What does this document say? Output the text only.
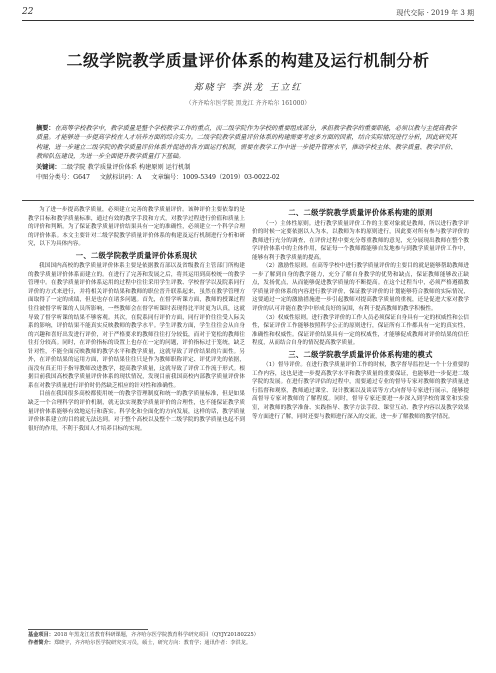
22	现代交际 · 2019 年 3 期
二级学院教学质量评价体系的构建及运行机制分析
郑晓宇 李洪龙 王立红
（齐齐哈尔医学院 黑龙江 齐齐哈尔 161000）
摘要：在高等学校教学中，教学质量是整个学校教学工作的重点，而二级学院作为学校的重要组成部分，承担教学教学的重要职能，必须以教与主提高教学质量。才能够进一步提高学校在人才培养方面的综合实力。二级学院教学质量评价体系的构建需要考虑多方面的因素，结合实际情况进行分析，因此研究其构建，进一步建立二级学院的教学质量评价体系并促进的各方面运行机制，需要在教学工作中进一步提升管理水平，推动学校主体、教学质量、教学评价、教师队伍建设，为进一步全面提升教学质量打下基础。
关键词：二级学院 教学质量评价体系 构建原则 运行机制
中图分类号：G647 文献标识码：A 文章编号：1009-5349（2019）03-0022-02

为了进一步提高教学质量，必须建立完善的教学质量评价。该种评价主要依靠的是教学目标和教学质量标准，通过有效的教学手段和方式，对教学过程进行价值和质量上的评价和判断。为了保证教学质量评价结果具有一定的准确性，必须建立一个科学合理的评价体系。本文主要针对二级学院教学质量评价体系的构建及运行机制进行分析和研究，以下为具体内容。

一、二级学院教学质量评价体系现状

我国国内高校的教学质量评价体系主要是依据教育部以及省级教育主管部门所构建的教学质量评价体系而建立的。在进行了完善和发展之后，将其运用到高校统一的教学管理中。在教学质量评价体系运用的过程中往往采用学生评教、学校督学以及院系同行评价的方式来进行，并将相关评价结果和教师的职位晋升联系起来，虽然在教学管理方面取得了一定的成绩，但是也存在诸多问题。首先，在督学听课方面，教师的授课过程往往被督学听课的人员所影响，一些教师会在督学听课时表现得比平时更为认真，这就导致了督学听课的结果不够客观。其次，在院系同行评价方面，同行评价往往受人际关系的影响，评价结果不能真实反映教师的教学水平。学生评教方面，学生往往会从自身的兴趣和喜好出发进行评价，对于严格要求的教师往往打分较低，而对于宽松的教师往往打分较高。同时，在评价指标的设置上也存在一定的问题，评价指标过于笼统，缺乏针对性，不能全面反映教师的教学水平和教学质量，这就导致了评价结果的片面性。另外，在评价结果的运用方面，评价结果往往只是作为教师职称评定、评优评先的依据，而没有真正用于指导教师改进教学，提高教学质量，这就导致了评价工作流于形式。根据目前我国高校教学质量评价体系的现状情况，发现目前我国高校内部教学质量评价体系在对教学质量进行评价时仍然缺乏相应的针对性和准确性。

目前在我国很多高校都使用统一的教学管理制度和统一的教学质量标准，但是如果缺乏一个合理科学的评价机制，就无法实现教学质量评价的合理性，也不能保证教学质量评价体系能够有效地运行和落实。科学化和全面化的方向发展，这样的话，教学质量评价体系建立的目的就无法达到。对于整个高校以及整个二级学院的教学质量也起不到很好的作用，不利于我国人才培养目标的实现。

二、二级学院教学质量评价体系构建的原则

（一）主体性原则。进行教学质量评价工作的主要对象就是教师，所以进行教学评价的时候一定要依据以人为本，以教师为本的原则进行，因此要对所有参与教学评价的教师进行充分的调查，在评价过程中要充分尊重教师的意见，充分展现出教师在整个教学评价体系中的主体作用，保证每一个教师都能够自发地参与到教学质量评价工作中，能够有利于教学质量的提高。

（2）激励性原则。在高等学校中进行教学质量评价的主要目的就是能够帮助教师进一步了解到自身的教学能力，充分了解自身教学的优势和缺点，保证教师能够改正缺点，发扬优点，从而能够促进教学质量的不断提高。在这个过程当中，必须严格遵循教学质量评价体系的内容进行教学评价，保证教学评价的计划能够符合教师的实际情况，这要通过一定的激励措施进一步引起教师对提高教学质量的重视，还是促进大家对教学评价的认可并能在教学中形成良好的氛围，有利于提高教师的教学积极性。

（3）权威性原则。进行教学评价的工作人员必须保证自身具有一定的权威性和公信性，保证评价工作能够按照科学公正的原则进行，保证所有工作都具有一定的真实性，准确性和权威性。保证评价结果具有一定的权威性，才能够促成教师对评价结果的信任程度，从而结合自身的情况提高教学质量。

三、二级学院教学质量评价体系构建的模式

（1）督导评价。在进行教学质量评价工作的时候，教学督导监控是一个十分重要的工作内容，这也是进一步提高教学水平和教学质量的重要保证，也能够进一步促进二级学院的发展。在进行教学评估的过程中，需要通过专业的督导专家对教师的教学质量进行监督和观察，教师通过课堂、设计教案以及谈话等方式向督导专家进行展示，能够提高督导专家对教师的了解程度。同时，督导专家还要进一步深入到学校的课堂和实验室，对教师的教学准备、实践指导、教学方法手段、课堂互动、教学内容以及教学效果等方面进行了解，同时还要与教师进行深入的交流，进一步了解教师的教学情况。

基金项目：2018 年黑龙江省教育科研课题，齐齐哈尔医学院教育科学研究项目（QYJY20180225）
作者简介：郑晓宇，齐齐哈尔医学院研究实习员，硕士，研究方向：教育学；通讯作者：李洪龙。
